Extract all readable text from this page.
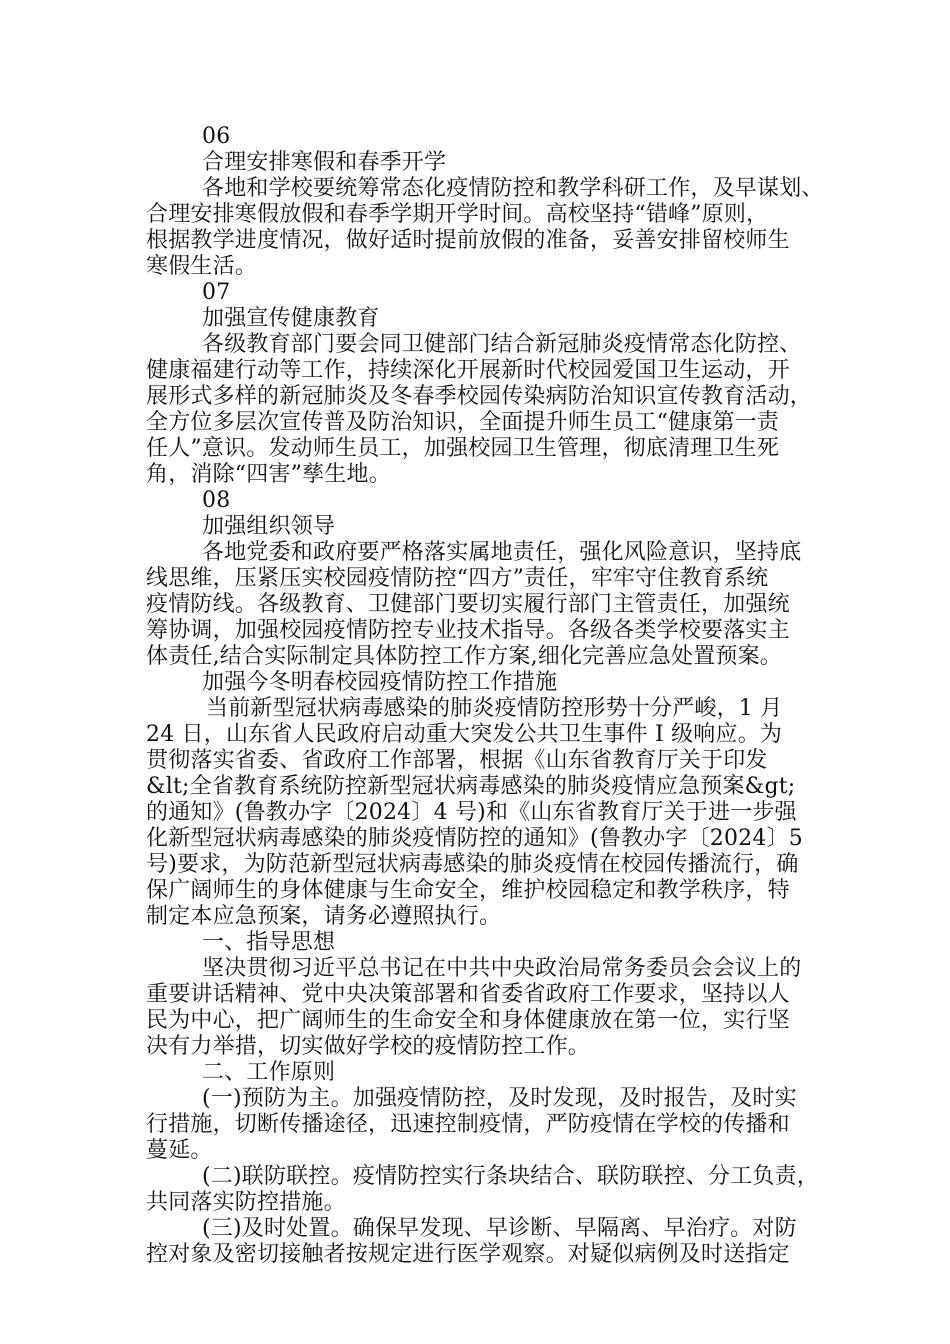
06
合理安排寒假和春季开学
各地和学校要统筹常态化疫情防控和教学科研工作，及早谋划、
合理安排寒假放假和春季学期开学时间。高校坚持“错峰”原则，
根据教学进度情况，做好适时提前放假的准备，妥善安排留校师生
寒假生活。
07
加强宣传健康教育
各级教育部门要会同卫健部门结合新冠肺炎疫情常态化防控、
健康福建行动等工作，持续深化开展新时代校园爱国卫生运动，开
展形式多样的新冠肺炎及冬春季校园传染病防治知识宣传教育活动，
全方位多层次宣传普及防治知识，全面提升师生员工“健康第一责
任人”意识。发动师生员工，加强校园卫生管理，彻底清理卫生死
角，消除“四害”孳生地。
08
加强组织领导
各地党委和政府要严格落实属地责任，强化风险意识，坚持底
线思维，压紧压实校园疫情防控“四方”责任，牢牢守住教育系统
疫情防线。各级教育、卫健部门要切实履行部门主管责任，加强统
筹协调，加强校园疫情防控专业技术指导。各级各类学校要落实主
体责任,结合实际制定具体防控工作方案,细化完善应急处置预案。
加强今冬明春校园疫情防控工作措施
当前新型冠状病毒感染的肺炎疫情防控形势十分严峻，1 月
24 日，山东省人民政府启动重大突发公共卫生事件 I 级响应。为
贯彻落实省委、省政府工作部署，根据《山东省教育厅关于印发
&lt;全省教育系统防控新型冠状病毒感染的肺炎疫情应急预案&gt;
的通知》(鲁教办字〔2024〕4 号)和《山东省教育厅关于进一步强
化新型冠状病毒感染的肺炎疫情防控的通知》(鲁教办字〔2024〕5
号)要求，为防范新型冠状病毒感染的肺炎疫情在校园传播流行，确
保广阔师生的身体健康与生命安全，维护校园稳定和教学秩序，特
制定本应急预案，请务必遵照执行。
一、指导思想
坚决贯彻习近平总书记在中共中央政治局常务委员会会议上的
重要讲话精神、党中央决策部署和省委省政府工作要求，坚持以人
民为中心，把广阔师生的生命安全和身体健康放在第一位，实行坚
决有力举措，切实做好学校的疫情防控工作。
二、工作原则
(一)预防为主。加强疫情防控，及时发现，及时报告，及时实
行措施，切断传播途径，迅速控制疫情，严防疫情在学校的传播和
蔓延。
(二)联防联控。疫情防控实行条块结合、联防联控、分工负责，
共同落实防控措施。
(三)及时处置。确保早发现、早诊断、早隔离、早治疗。对防
控对象及密切接触者按规定进行医学观察。对疑似病例及时送指定
